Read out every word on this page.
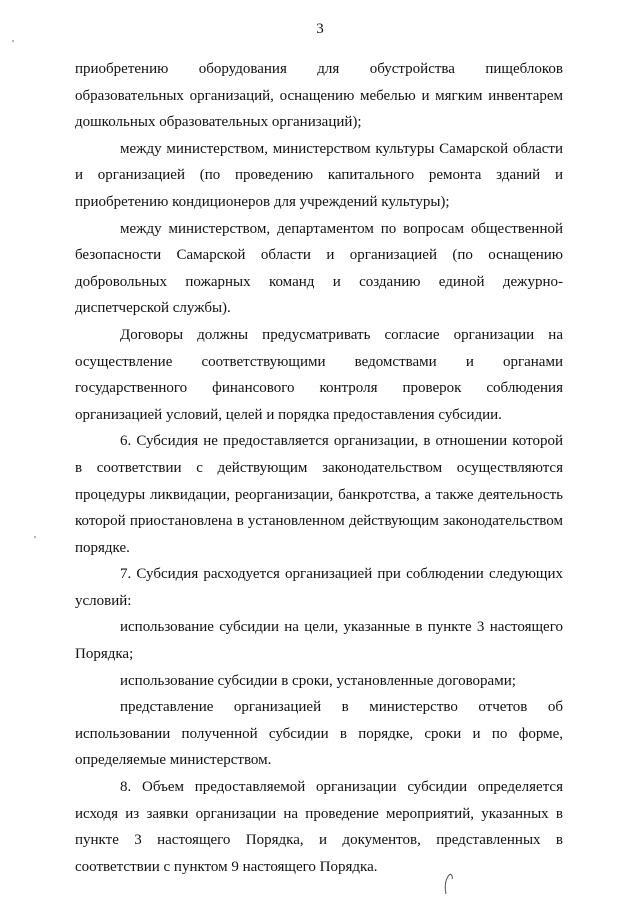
3

приобретению оборудования для обустройства пищеблоков образовательных организаций, оснащению мебелью и мягким инвентарем дошкольных образовательных организаций);

между министерством, министерством культуры Самарской области и организацией (по проведению капитального ремонта зданий и приобретению кондиционеров для учреждений культуры);

между министерством, департаментом по вопросам общественной безопасности Самарской области и организацией (по оснащению добровольных пожарных команд и созданию единой дежурно-диспетчерской службы).

Договоры должны предусматривать согласие организации на осуществление соответствующими ведомствами и органами государственного финансового контроля проверок соблюдения организацией условий, целей и порядка предоставления субсидии.

6. Субсидия не предоставляется организации, в отношении которой в соответствии с действующим законодательством осуществляются процедуры ликвидации, реорганизации, банкротства, а также деятельность которой приостановлена в установленном действующим законодательством порядке.

7. Субсидия расходуется организацией при соблюдении следующих условий:

использование субсидии на цели, указанные в пункте 3 настоящего Порядка;

использование субсидии в сроки, установленные договорами;

представление организацией в министерство отчетов об использовании полученной субсидии в порядке, сроки и по форме, определяемые министерством.

8. Объем предоставляемой организации субсидии определяется исходя из заявки организации на проведение мероприятий, указанных в пункте 3 настоящего Порядка, и документов, представленных в соответствии с пунктом 9 настоящего Порядка.
